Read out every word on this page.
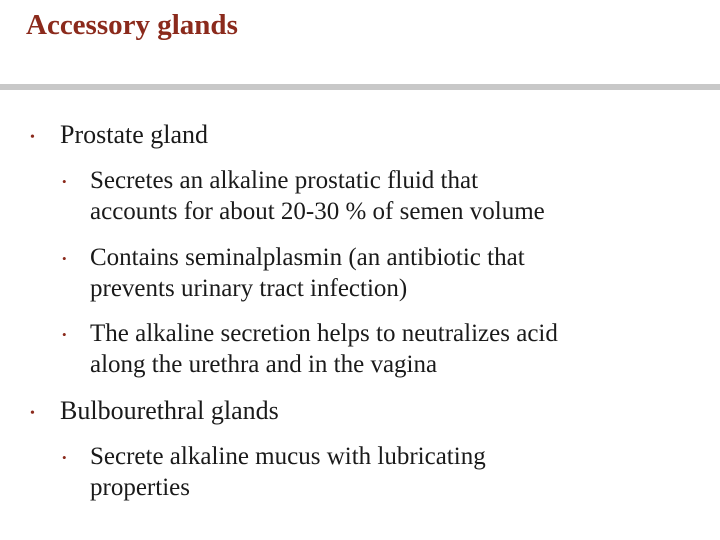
Accessory glands
• Prostate gland
• Secretes an alkaline prostatic fluid that
accounts for about 20-30 % of semen volume
• Contains seminalplasmin (an antibiotic that
prevents urinary tract infection)
• The alkaline secretion helps to neutralizes acid
along the urethra and in the vagina
• Bulbourethral glands
• Secrete alkaline mucus with lubricating
properties
